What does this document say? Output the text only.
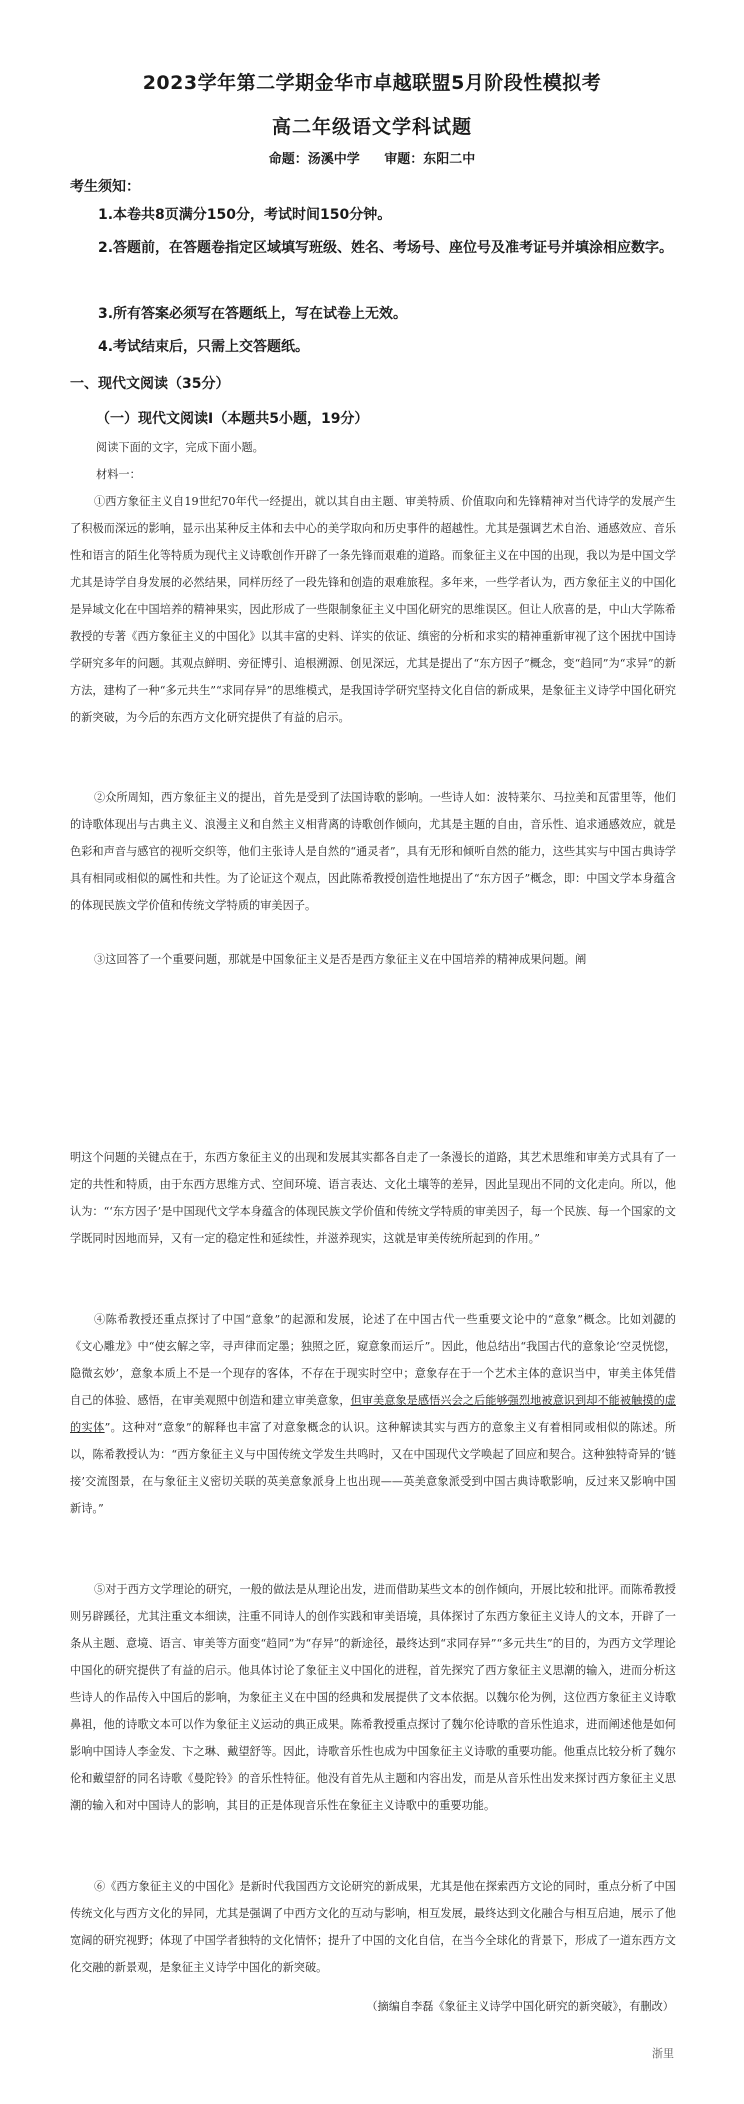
2023学年第二学期金华市卓越联盟5月阶段性模拟考
高二年级语文学科试题
命题：汤溪中学 审题：东阳二中
考生须知：
1.本卷共8页满分150分，考试时间150分钟。
2.答题前，在答题卷指定区域填写班级、姓名、考场号、座位号及准考证号并填涂相应数字。
3.所有答案必须写在答题纸上，写在试卷上无效。
4.考试结束后，只需上交答题纸。
一、现代文阅读（35分）
（一）现代文阅读Ⅰ（本题共5小题，19分）
阅读下面的文字，完成下面小题。
材料一：
①西方象征主义自19世纪70年代一经提出，就以其自由主题、审美特质、价值取向和先锋精神对当代诗学的发展产生了积极而深远的影响，显示出某种反主体和去中心的美学取向和历史事件的超越性。尤其是强调艺术自治、通感效应、音乐性和语言的陌生化等特质为现代主义诗歌创作开辟了一条先锋而艰难的道路。而象征主义在中国的出现，我以为是中国文学尤其是诗学自身发展的必然结果，同样历经了一段先锋和创造的艰难旅程。多年来，一些学者认为，西方象征主义的中国化是异域文化在中国培养的精神果实，因此形成了一些限制象征主义中国化研究的思维误区。但让人欣喜的是，中山大学陈希教授的专著《西方象征主义的中国化》以其丰富的史料、详实的依证、缜密的分析和求实的精神重新审视了这个困扰中国诗学研究多年的问题。其观点鲜明、旁征博引、追根溯源、创见深远，尤其是提出了“东方因子”概念，变“趋同”为“求异”的新方法，建构了一种“多元共生”“求同存异”的思维模式，是我国诗学研究坚持文化自信的新成果，是象征主义诗学中国化研究的新突破，为今后的东西方文化研究提供了有益的启示。
②众所周知，西方象征主义的提出，首先是受到了法国诗歌的影响。一些诗人如：波特莱尔、马拉美和瓦雷里等，他们的诗歌体现出与古典主义、浪漫主义和自然主义相背离的诗歌创作倾向，尤其是主题的自由，音乐性、追求通感效应，就是色彩和声音与感官的视听交织等，他们主张诗人是自然的“通灵者”，具有无形和倾听自然的能力，这些其实与中国古典诗学具有相同或相似的属性和共性。为了论证这个观点，因此陈希教授创造性地提出了“东方因子”概念，即：中国文学本身蕴含的体现民族文学价值和传统文学特质的审美因子。
③这回答了一个重要问题，那就是中国象征主义是否是西方象征主义在中国培养的精神成果问题。阐
明这个问题的关键点在于，东西方象征主义的出现和发展其实都各自走了一条漫长的道路，其艺术思维和审美方式具有了一定的共性和特质，由于东西方思维方式、空间环境、语言表达、文化土壤等的差异，因此呈现出不同的文化走向。所以，他认为：“‘东方因子’是中国现代文学本身蕴含的体现民族文学价值和传统文学特质的审美因子，每一个民族、每一个国家的文学既同时因地而异，又有一定的稳定性和延续性，并滋养现实，这就是审美传统所起到的作用。”
④陈希教授还重点探讨了中国“意象”的起源和发展，论述了在中国古代一些重要文论中的“意象”概念。比如刘勰的《文心雕龙》中“使玄解之宰，寻声律而定墨；独照之匠，窥意象而运斤”。因此，他总结出“我国古代的意象论‘空灵恍惚，隐微玄妙’，意象本质上不是一个现存的客体，不存在于现实时空中；意象存在于一个艺术主体的意识当中，审美主体凭借自己的体验、感悟，在审美观照中创造和建立审美意象，但审美意象是感悟兴会之后能够强烈地被意识到却不能被触摸的虚的实体”。这种对“意象”的解释也丰富了对意象概念的认识。这种解读其实与西方的意象主义有着相同或相似的陈述。所以，陈希教授认为：“西方象征主义与中国传统文学发生共鸣时，又在中国现代文学唤起了回应和契合。这种独特奇异的‘链接’交流图景，在与象征主义密切关联的英美意象派身上也出现——英美意象派受到中国古典诗歌影响，反过来又影响中国新诗。”
⑤对于西方文学理论的研究，一般的做法是从理论出发，进而借助某些文本的创作倾向，开展比较和批评。而陈希教授则另辟蹊径，尤其注重文本细读，注重不同诗人的创作实践和审美语境，具体探讨了东西方象征主义诗人的文本，开辟了一条从主题、意境、语言、审美等方面变“趋同”为“存异”的新途径，最终达到“求同存异”“多元共生”的目的，为西方文学理论中国化的研究提供了有益的启示。他具体讨论了象征主义中国化的进程，首先探究了西方象征主义思潮的输入，进而分析这些诗人的作品传入中国后的影响，为象征主义在中国的经典和发展提供了文本依据。以魏尔伦为例，这位西方象征主义诗歌鼻祖，他的诗歌文本可以作为象征主义运动的典正成果。陈希教授重点探讨了魏尔伦诗歌的音乐性追求，进而阐述他是如何影响中国诗人李金发、卞之琳、戴望舒等。因此，诗歌音乐性也成为中国象征主义诗歌的重要功能。他重点比较分析了魏尔伦和戴望舒的同名诗歌《曼陀铃》的音乐性特征。他没有首先从主题和内容出发，而是从音乐性出发来探讨西方象征主义思潮的输入和对中国诗人的影响，其目的正是体现音乐性在象征主义诗歌中的重要功能。
⑥《西方象征主义的中国化》是新时代我国西方文论研究的新成果，尤其是他在探索西方文论的同时，重点分析了中国传统文化与西方文化的异同，尤其是强调了中西方文化的互动与影响，相互发展，最终达到文化融合与相互启迪，展示了他宽阔的研究视野；体现了中国学者独特的文化情怀；提升了中国的文化自信，在当今全球化的背景下，形成了一道东西方文化交融的新景观，是象征主义诗学中国化的新突破。
（摘编自李磊《象征主义诗学中国化研究的新突破》，有删改）
浙里
